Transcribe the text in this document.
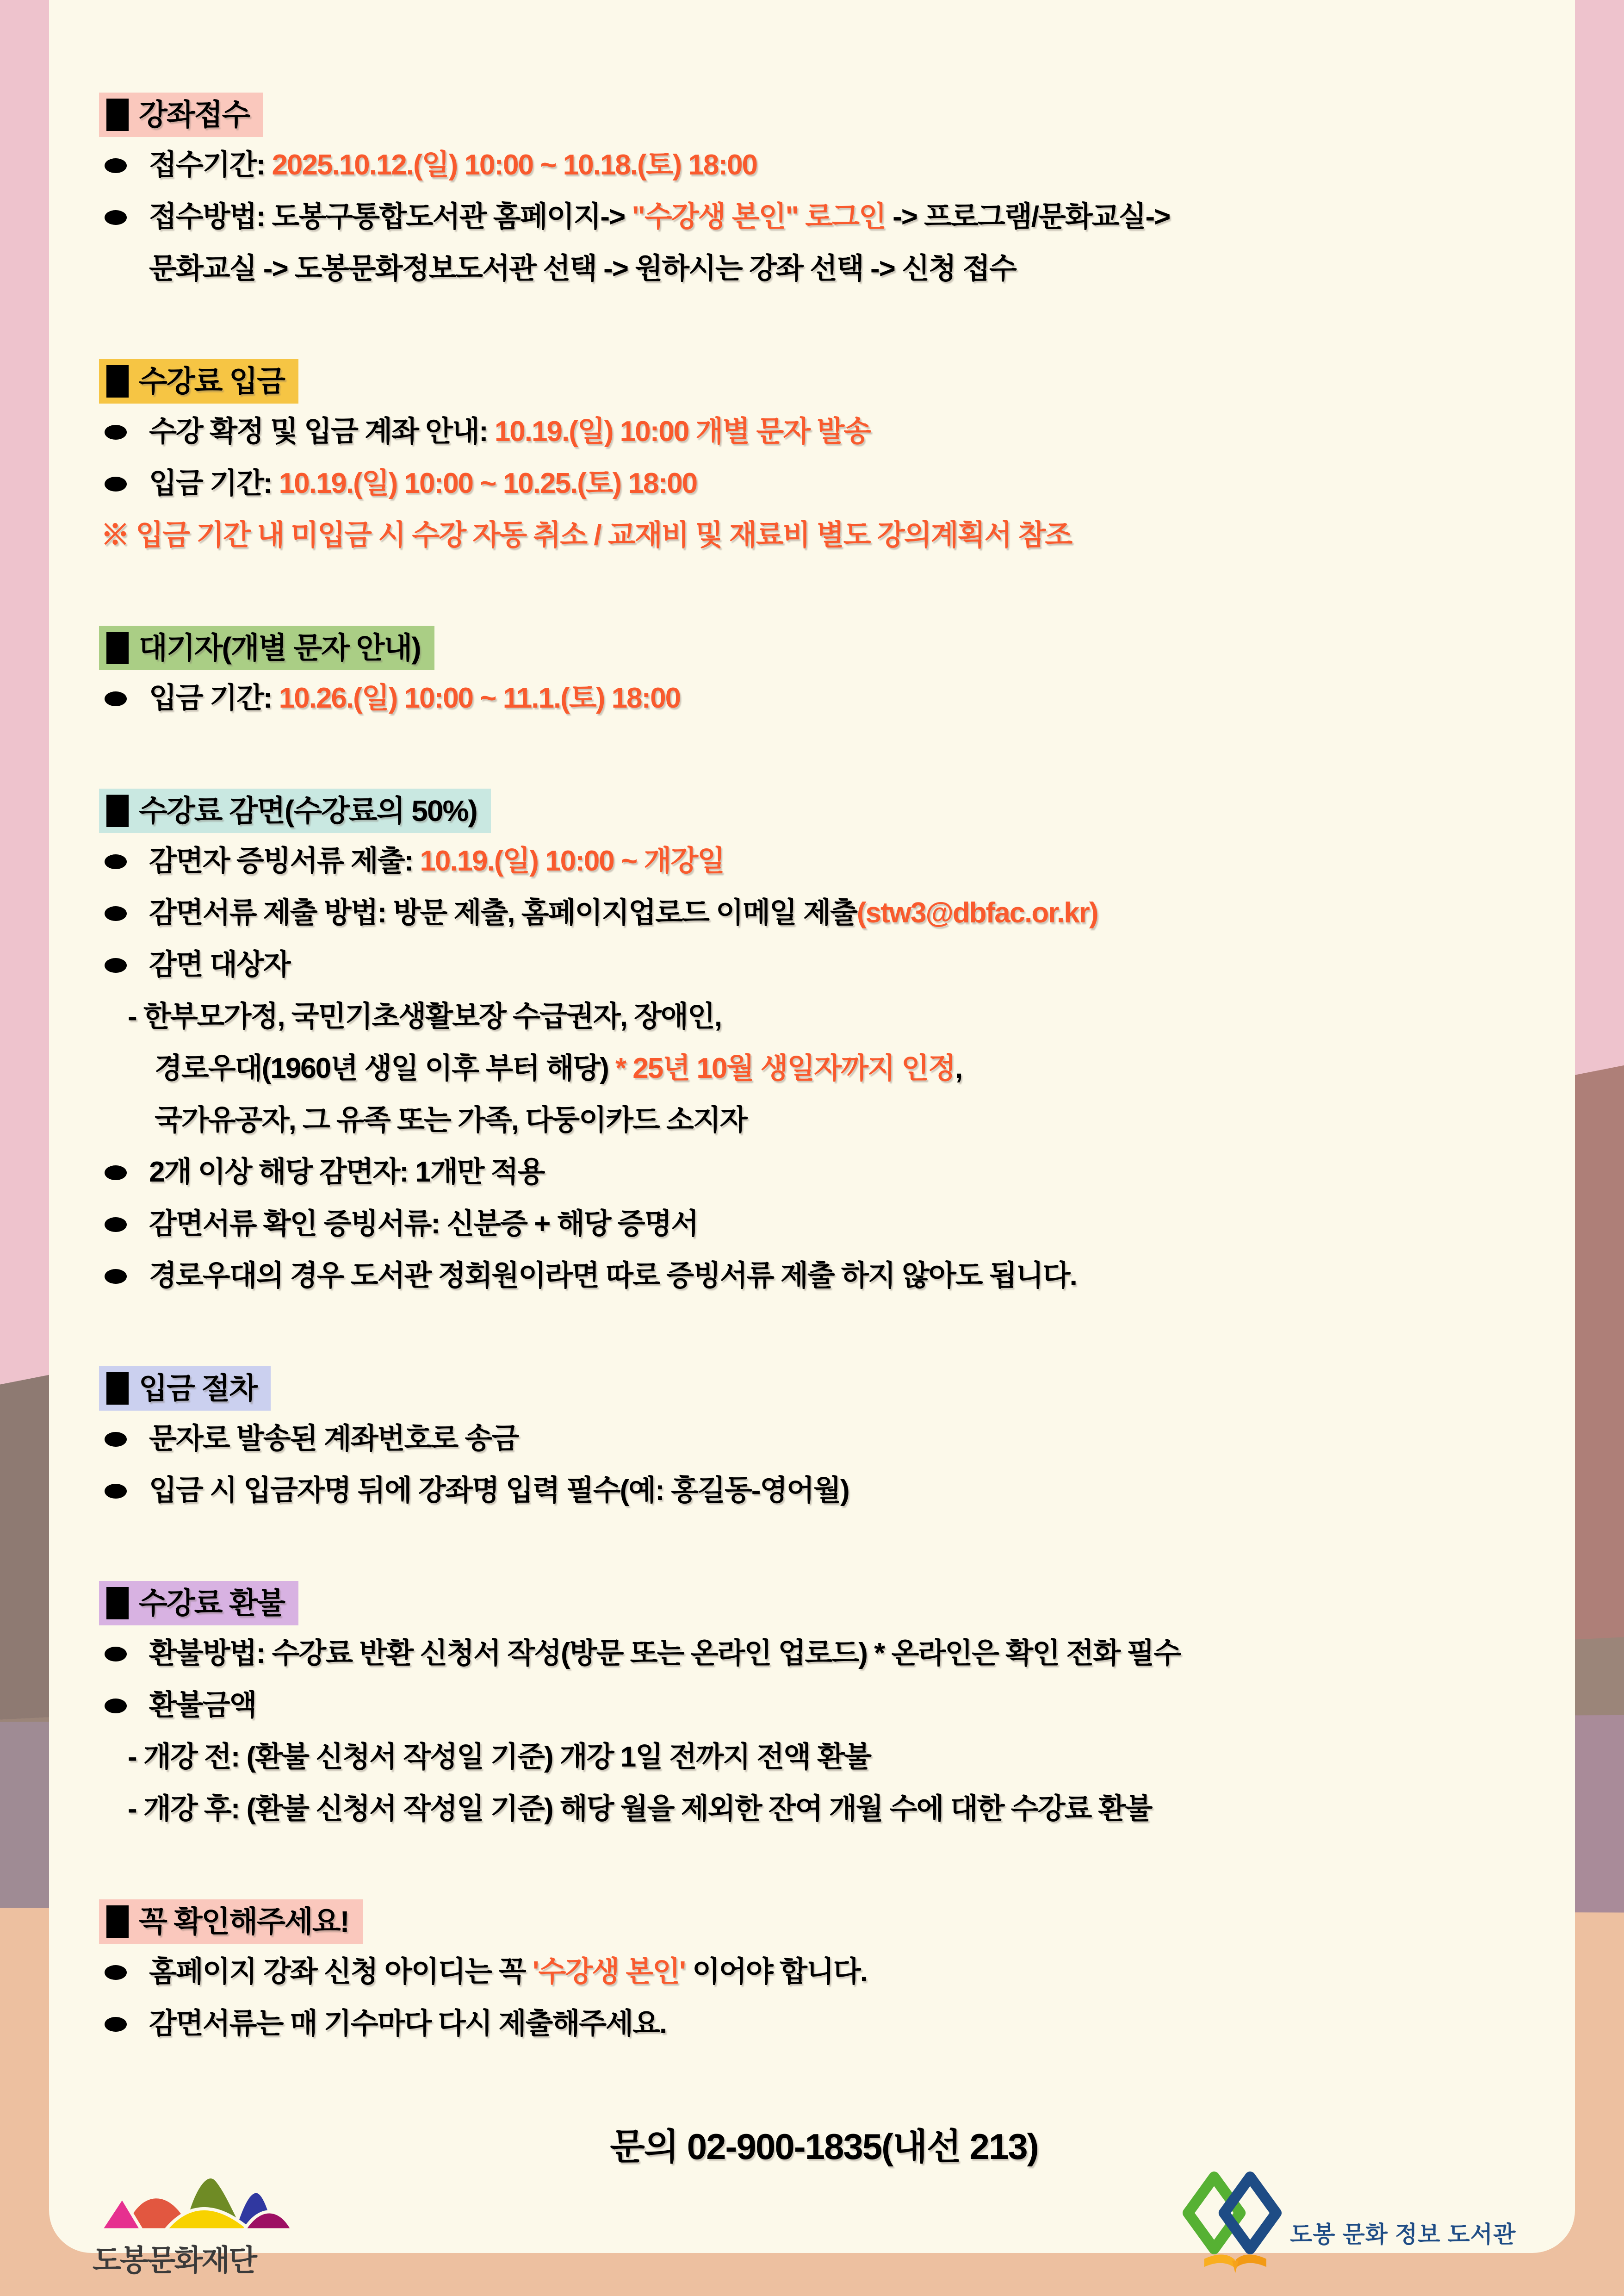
강좌접수
접수기간: 2025.10.12.(일) 10:00 ~ 10.18.(토) 18:00
접수방법: 도봉구통합도서관 홈페이지-> "수강생 본인" 로그인 -> 프로그램/문화교실->
문화교실 -> 도봉문화정보도서관 선택 -> 원하시는 강좌 선택 -> 신청 접수
수강료 입금
수강 확정 및 입금 계좌 안내: 10.19.(일) 10:00 개별 문자 발송
입금 기간: 10.19.(일) 10:00 ~ 10.25.(토) 18:00
※ 입금 기간 내 미입금 시 수강 자동 취소 / 교재비 및 재료비 별도 강의계획서 참조
대기자(개별 문자 안내)
입금 기간: 10.26.(일) 10:00 ~ 11.1.(토) 18:00
수강료 감면(수강료의 50%)
감면자 증빙서류 제출: 10.19.(일) 10:00 ~ 개강일
감면서류 제출 방법: 방문 제출, 홈페이지업로드 이메일 제출(stw3@dbfac.or.kr)
감면 대상자
- 한부모가정, 국민기초생활보장 수급권자, 장애인,
경로우대(1960년 생일 이후 부터 해당) * 25년 10월 생일자까지 인정,
국가유공자, 그 유족 또는 가족, 다둥이카드 소지자
2개 이상 해당 감면자: 1개만 적용
감면서류 확인 증빙서류: 신분증 + 해당 증명서
경로우대의 경우 도서관 정회원이라면 따로 증빙서류 제출 하지 않아도 됩니다.
입금 절차
문자로 발송된 계좌번호로 송금
입금 시 입금자명 뒤에 강좌명 입력 필수(예: 홍길동-영어월)
수강료 환불
환불방법: 수강료 반환 신청서 작성(방문 또는 온라인 업로드) * 온라인은 확인 전화 필수
환불금액
- 개강 전: (환불 신청서 작성일 기준) 개강 1일 전까지 전액 환불
- 개강 후: (환불 신청서 작성일 기준) 해당 월을 제외한 잔여 개월 수에 대한 수강료 환불
꼭 확인해주세요!
홈페이지 강좌 신청 아이디는 꼭 '수강생 본인' 이어야 합니다.
감면서류는 매 기수마다 다시 제출해주세요.
문의 02-900-1835(내선 213)
도봉문화재단
도봉 문화 정보 도서관
